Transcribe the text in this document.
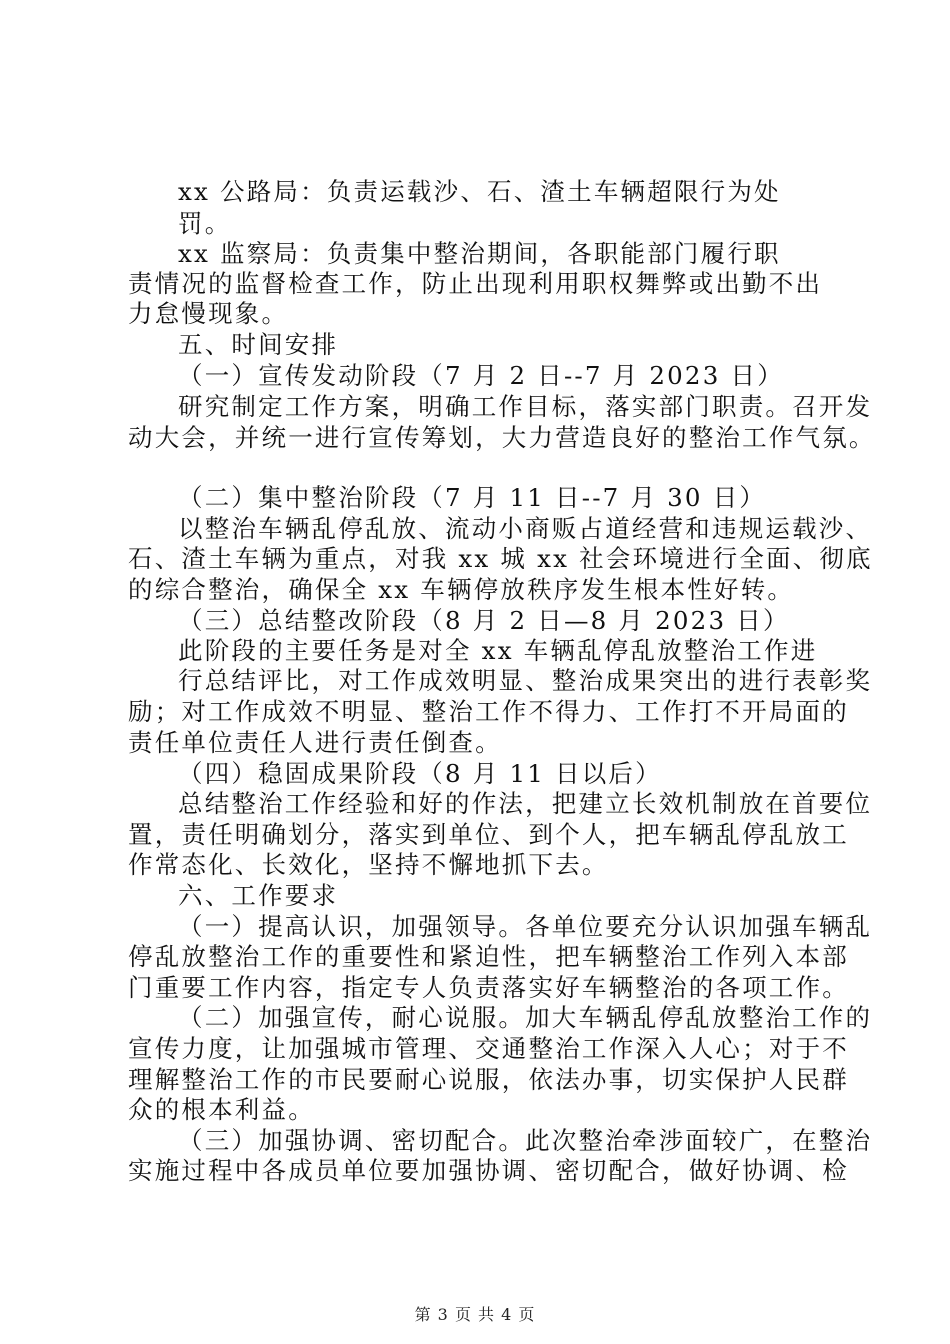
xx 公路局：负责运载沙、石、渣土车辆超限行为处
罚。
xx 监察局：负责集中整治期间，各职能部门履行职
责情况的监督检查工作，防止出现利用职权舞弊或出勤不出
力怠慢现象。
五、时间安排
（一）宣传发动阶段（7 月 2 日--7 月 2023 日）
研究制定工作方案，明确工作目标，落实部门职责。召开发
动大会，并统一进行宣传筹划，大力营造良好的整治工作气氛。
（二）集中整治阶段（7 月 11 日--7 月 30 日）
以整治车辆乱停乱放、流动小商贩占道经营和违规运载沙、
石、渣土车辆为重点，对我 xx 城 xx 社会环境进行全面、彻底
的综合整治，确保全 xx 车辆停放秩序发生根本性好转。
（三）总结整改阶段（8 月 2 日—8 月 2023 日）
此阶段的主要任务是对全 xx 车辆乱停乱放整治工作进
行总结评比，对工作成效明显、整治成果突出的进行表彰奖
励；对工作成效不明显、整治工作不得力、工作打不开局面的
责任单位责任人进行责任倒查。
（四）稳固成果阶段（8 月 11 日以后）
总结整治工作经验和好的作法，把建立长效机制放在首要位
置，责任明确划分，落实到单位、到个人，把车辆乱停乱放工
作常态化、长效化，坚持不懈地抓下去。
六、工作要求
（一）提高认识，加强领导。各单位要充分认识加强车辆乱
停乱放整治工作的重要性和紧迫性，把车辆整治工作列入本部
门重要工作内容，指定专人负责落实好车辆整治的各项工作。
（二）加强宣传，耐心说服。加大车辆乱停乱放整治工作的
宣传力度，让加强城市管理、交通整治工作深入人心；对于不
理解整治工作的市民要耐心说服，依法办事，切实保护人民群
众的根本利益。
（三）加强协调、密切配合。此次整治牵涉面较广，在整治
实施过程中各成员单位要加强协调、密切配合，做好协调、检
第 3 页 共 4 页
